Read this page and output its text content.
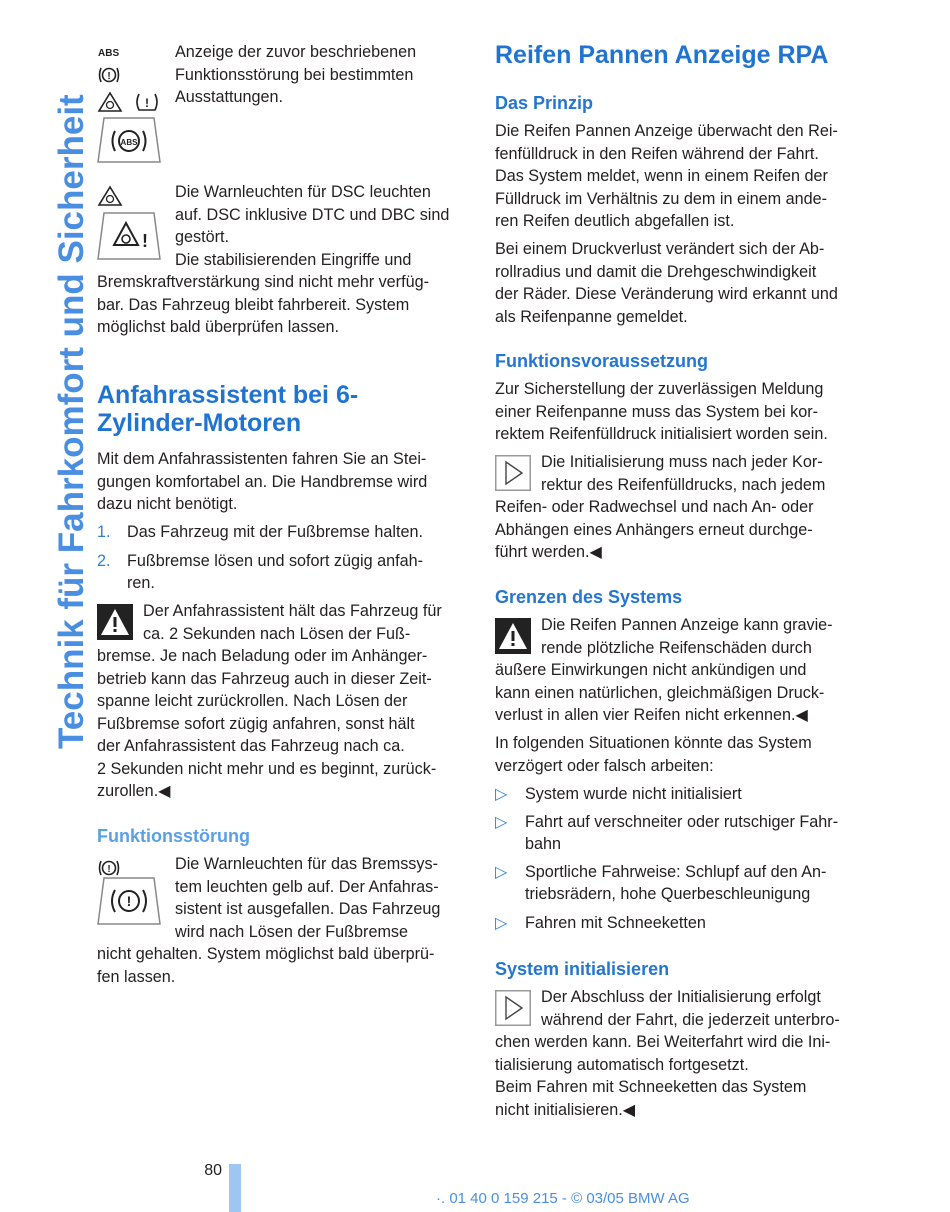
Technik für Fahrkomfort und Sicherheit
ABS
!
!
ABS

Anzeige der zuvor beschriebenen

Funktionsstörung bei bestimmten

Ausstattungen.

!

Die Warnleuchten für DSC leuchten

auf. DSC inklusive DTC und DBC sind

gestört.

Die stabilisierenden Eingriffe und

Bremskraftverstärkung sind nicht mehr verfüg-

bar. Das Fahrzeug bleibt fahrbereit. System

möglichst bald überprüfen lassen.

Anfahrassistent bei 6-

Zylinder-Motoren

Mit dem Anfahrassistenten fahren Sie an Stei-

gungen komfortabel an. Die Handbremse wird

dazu nicht benötigt.

1. Das Fahrzeug mit der Fußbremse halten.
2. Fußbremse lösen und sofort zügig anfah-
ren.

Der Anfahrassistent hält das Fahrzeug für

ca. 2 Sekunden nach Lösen der Fuß-

bremse. Je nach Beladung oder im Anhänger-

betrieb kann das Fahrzeug auch in dieser Zeit-

spanne leicht zurückrollen. Nach Lösen der

Fußbremse sofort zügig anfahren, sonst hält

der Anfahrassistent das Fahrzeug nach ca.

2 Sekunden nicht mehr und es beginnt, zurück-

zurollen.◀

Funktionsstörung

!
!

Die Warnleuchten für das Bremssys-

tem leuchten gelb auf. Der Anfahras-

sistent ist ausgefallen. Das Fahrzeug

wird nach Lösen der Fußbremse

nicht gehalten. System möglichst bald überprü-

fen lassen.

Reifen Pannen Anzeige RPA

Das Prinzip

Die Reifen Pannen Anzeige überwacht den Rei-

fenfülldruck in den Reifen während der Fahrt.

Das System meldet, wenn in einem Reifen der

Fülldruck im Verhältnis zu dem in einem ande-

ren Reifen deutlich abgefallen ist.

Bei einem Druckverlust verändert sich der Ab-

rollradius und damit die Drehgeschwindigkeit

der Räder. Diese Veränderung wird erkannt und

als Reifenpanne gemeldet.

Funktionsvoraussetzung

Zur Sicherstellung der zuverlässigen Meldung

einer Reifenpanne muss das System bei kor-

rektem Reifenfülldruck initialisiert worden sein.

Die Initialisierung muss nach jeder Kor-

rektur des Reifenfülldrucks, nach jedem

Reifen- oder Radwechsel und nach An- oder

Abhängen eines Anhängers erneut durchge-

führt werden.◀

Grenzen des Systems

Die Reifen Pannen Anzeige kann gravie-

rende plötzliche Reifenschäden durch

äußere Einwirkungen nicht ankündigen und

kann einen natürlichen, gleichmäßigen Druck-

verlust in allen vier Reifen nicht erkennen.◀

In folgenden Situationen könnte das System

verzögert oder falsch arbeiten:

▷ System wurde nicht initialisiert
▷ Fahrt auf verschneiter oder rutschiger Fahr-
bahn
▷ Sportliche Fahrweise: Schlupf auf den An-
triebsrädern, hohe Querbeschleunigung
▷ Fahren mit Schneeketten

System initialisieren

Der Abschluss der Initialisierung erfolgt

während der Fahrt, die jederzeit unterbro-

chen werden kann. Bei Weiterfahrt wird die Ini-

tialisierung automatisch fortgesetzt.

Beim Fahren mit Schneeketten das System

nicht initialisieren.◀

80
·. 01 40 0 159 215 - © 03/05 BMW AG
